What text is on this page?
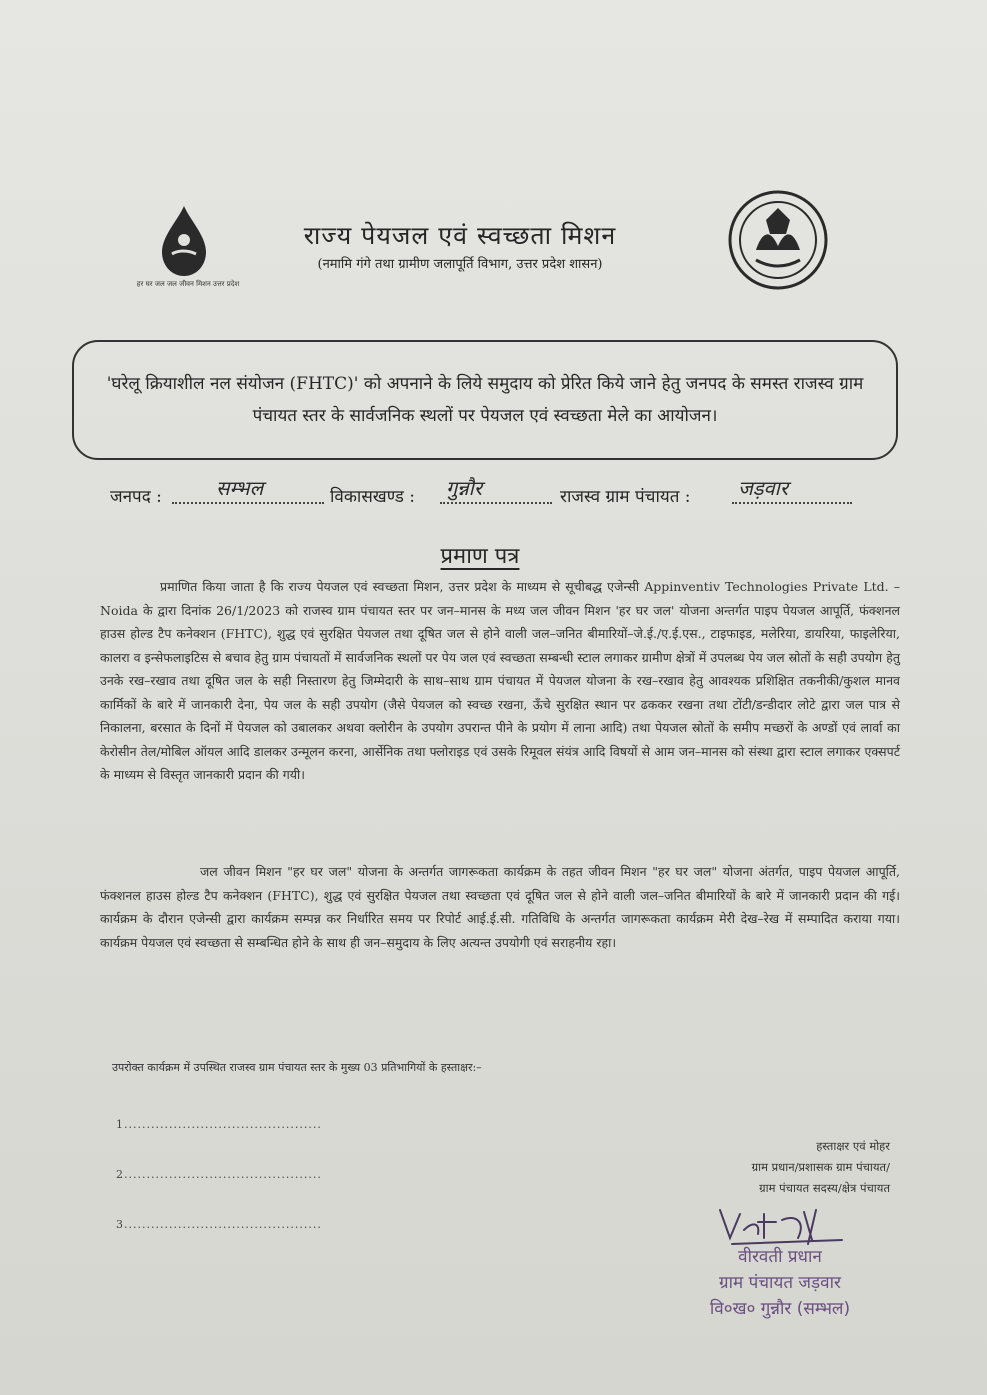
हर घर जल जल जीवन मिशन उत्तर प्रदेश
राज्य पेयजल एवं स्वच्छता मिशन
(नमामि गंगे तथा ग्रामीण जलापूर्ति विभाग, उत्तर प्रदेश शासन)
'घरेलू क्रियाशील नल संयोजन (FHTC)' को अपनाने के लिये समुदाय को प्रेरित किये जाने हेतु जनपद के समस्त राजस्व ग्राम पंचायत स्तर के सार्वजनिक स्थलों पर पेयजल एवं स्वच्छता मेले का आयोजन।
जनपद :	सम्भल	विकासखण्ड : गुन्नौर	राजस्व ग्राम पंचायत : जड़वार
प्रमाण पत्र
प्रमाणित किया जाता है कि राज्य पेयजल एवं स्वच्छता मिशन, उत्तर प्रदेश के माध्यम से सूचीबद्ध एजेन्सी Appinventiv Technologies Private Ltd. – Noida के द्वारा दिनांक 26/1/2023 को राजस्व ग्राम पंचायत स्तर पर जन–मानस के मध्य जल जीवन मिशन 'हर घर जल' योजना अन्तर्गत पाइप पेयजल आपूर्ति, फंक्शनल हाउस होल्ड टैप कनेक्शन (FHTC), शुद्ध एवं सुरक्षित पेयजल तथा दूषित जल से होने वाली जल–जनित बीमारियों–जे.ई./ए.ई.एस., टाइफाइड, मलेरिया, डायरिया, फाइलेरिया, कालरा व इन्सेफलाइटिस से बचाव हेतु ग्राम पंचायतों में सार्वजनिक स्थलों पर पेय जल एवं स्वच्छता सम्बन्धी स्टाल लगाकर ग्रामीण क्षेत्रों में उपलब्ध पेय जल स्रोतों के सही उपयोग हेतु उनके रख–रखाव तथा दूषित जल के सही निस्तारण हेतु जिम्मेदारी के साथ–साथ ग्राम पंचायत में पेयजल योजना के रख–रखाव हेतु आवश्यक प्रशिक्षित तकनीकी/कुशल मानव कार्मिकों के बारे में जानकारी देना, पेय जल के सही उपयोग (जैसे पेयजल को स्वच्छ रखना, ऊँचे सुरक्षित स्थान पर ढककर रखना तथा टोंटी/डन्डीदार लोटे द्वारा जल पात्र से निकालना, बरसात के दिनों में पेयजल को उबालकर अथवा क्लोरीन के उपयोग उपरान्त पीने के प्रयोग में लाना आदि) तथा पेयजल स्रोतों के समीप मच्छरों के अण्डों एवं लार्वा का केरोसीन तेल/मोबिल ऑयल आदि डालकर उन्मूलन करना, आर्सेनिक तथा फ्लोराइड एवं उसके रिमूवल संयंत्र आदि विषयों से आम जन–मानस को संस्था द्वारा स्टाल लगाकर एक्सपर्ट के माध्यम से विस्तृत जानकारी प्रदान की गयी।
जल जीवन मिशन "हर घर जल" योजना के अन्तर्गत जागरूकता कार्यक्रम के तहत जीवन मिशन "हर घर जल" योजना अंतर्गत, पाइप पेयजल आपूर्ति, फंक्शनल हाउस होल्ड टैप कनेक्शन (FHTC), शुद्ध एवं सुरक्षित पेयजल तथा स्वच्छता एवं दूषित जल से होने वाली जल–जनित बीमारियों के बारे में जानकारी प्रदान की गई। कार्यक्रम के दौरान एजेन्सी द्वारा कार्यक्रम सम्पन्न कर निर्धारित समय पर रिपोर्ट आई.ई.सी. गतिविधि के अन्तर्गत जागरूकता कार्यक्रम मेरी देख–रेख में सम्पादित कराया गया। कार्यक्रम पेयजल एवं स्वच्छता से सम्बन्धित होने के साथ ही जन–समुदाय के लिए अत्यन्त उपयोगी एवं सराहनीय रहा।
उपरोक्त कार्यक्रम में उपस्थित राजस्व ग्राम पंचायत स्तर के मुख्य 03 प्रतिभागियों के हस्ताक्षर:–
1............................................
2............................................
3............................................
हस्ताक्षर एवं मोहर
ग्राम प्रधान/प्रशासक ग्राम पंचायत/
ग्राम पंचायत सदस्य/क्षेत्र पंचायत
वीरवती प्रधान
ग्राम पंचायत जड़वार
वि०ख० गुन्नौर (सम्भल)
